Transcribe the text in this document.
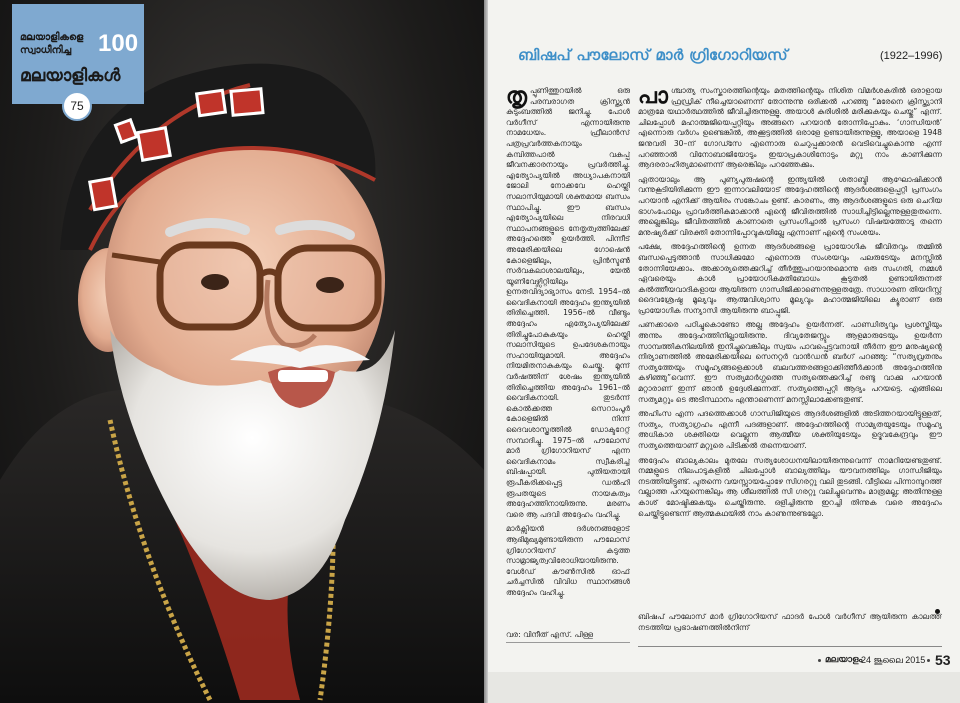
മലയാളികളെ
സ്വാധീനിച്ച 100
മലയാളികൾ
75
ബിഷപ് പൗലോസ് മാർ ഗ്രിഗോറിയസ്	(1922–1996)
തൃ പ്പൂണിത്തുറയിൽ ഒരു പരമ്പരാഗത ക്രിസ്ത്യൻ കുടുംബത്തിൽ ജനിച്ചു. പോൾ വർഗീസ് എന്നായിരുന്നു നാമധേയം. ഫ്രീലാൻസ് പത്രപ്രവർത്തകനായും കമ്പിത്തപാൽ വകുപ്പ് ജീവനക്കാരനായും പ്രവർത്തിച്ചു. എത്യോപ്യയിൽ അധ്യാപകനായി ജോലി നോക്കവേ ഹെയ്ലി സലാസിയുമായി ശക്തമായ ബന്ധം സ്ഥാപിച്ചു. ഈ ബന്ധം എത്യോപ്യയിലെ നിരവധി സ്ഥാപനങ്ങളുടെ നേതൃത്വത്തിലേക്ക് അദ്ദേഹത്തെ ഉയർത്തി. പിന്നീട് അമേരിക്കയിലെ ഗോഷെൻ കോളെജിലും, പ്രിൻസ്ടൺ സർവകലാശാലയിലും, യേൽ യൂണിവേഴ്സിറ്റിയിലും ഉന്നതവിദ്യാഭ്യാസം നേടി. 1954–ൽ വൈദികനായി അദ്ദേഹം ഇന്ത്യയിൽ തിരിച്ചെത്തി. 1956–ൽ വീണ്ടും അദ്ദേഹം എത്യോപ്യയിലേക്ക് തിരിച്ചുപോകുകയും ഹെയ്ലി സലാസിയുടെ ഉപദേശകനായും സഹായിയുമായി. അദ്ദേഹം നിയമിതനാകുകയും ചെയ്തു. മൂന്ന് വർഷത്തിന് ശേഷം ഇന്ത്യയിൽ തിരിച്ചെത്തിയ അദ്ദേഹം 1961–ൽ വൈദികനായി. തുടർന്ന് കൊൽക്കത്ത സെറാംപൂർ കോളെജിൽ നിന്ന് ദൈവശാസ്ത്രത്തിൽ ഡോക്ടറേറ്റ് സമ്പാദിച്ചു. 1975–ൽ പൗലോസ് മാർ ഗ്രിഗോറിയസ് എന്ന വൈദികനാമം സ്വീകരിച്ച് ബിഷപ്പായി. പുതിയതായി രൂപീകരിക്കപ്പെട്ട ഡൽഹി രൂപതയുടെ നായകത്വം അദ്ദേഹത്തിനായിരുന്നു. മരണം വരെ ആ പദവി അദ്ദേഹം വഹിച്ചു.

മാർക്സിയൻ ദർശനങ്ങളോട് ആഭിമുഖ്യമുണ്ടായിരുന്ന പൗലോസ് ഗ്രിഗോറിയസ് കടുത്ത സാമ്രാജ്യത്വവിരോധിയായിരുന്നു. വേൾഡ് കൗൺസിൽ ഓഫ് ചർച്ചസിൽ വിവിധ സ്ഥാനങ്ങൾ അദ്ദേഹം വഹിച്ചു.

വര: വിനീത് എസ്. പിള്ള
പാ ശ്ചാത്യ സംസ്കാരത്തിന്റെയും മതത്തിന്റെയും നിശിത വിമർശകരിൽ ഒരാളായ ഫ്രഡ്രിക് നീച്ചെയാണെന്ന് തോന്നുന്നു ഒരിക്കൽ പറഞ്ഞു “മരേനെ ക്രിസ്ത്യാനി മാത്രമേ യഥാർത്ഥത്തിൽ ജീവിച്ചിരുന്നുള്ളൂ. അയാൾ കുരിശിൽ മരിക്കുകയും ചെയ്തു” എന്ന്. ചിലപ്പോൾ മഹാത്മജിയെപ്പറ്റിയും അങ്ങനെ പറയാൻ തോന്നിപ്പോകും. ‘ഗാന്ധിയൻ’ എന്നൊരു വർഗം ഉണ്ടെങ്കിൽ, അക്കൂട്ടത്തിൽ ഒരാളേ ഉണ്ടായിരുന്നുള്ളൂ, അയാളെ 1948 ജനുവരി 30–ന് ഗോഡ്സേ എന്നൊരു ചെറുപ്പക്കാരൻ വെടിവെച്ചുകൊന്നു എന്ന് പറഞ്ഞാൽ വിനോബാജിയോടും ഇയാപ്രകാശിനോടും മറ്റു നാം കാണിക്കുന്ന ആദരരാഹിത്യമാണെന്ന് ആരെങ്കിലും പറഞ്ഞേക്കും.

ഏതായാലും ആ പുണ്യപുരുഷന്റെ ഇന്ത്യയിൽ ശതാബ്ദി ആഘോഷിക്കാൻ വന്നുകൂടിയിരിക്കുന്ന ഈ ഇന്നാവലിയോട് അദ്ദേഹത്തിന്റെ ആദർശങ്ങളെപ്പറ്റി പ്രസംഗം പറയാൻ എനിക്ക് ആയിരം സങ്കോചം ഉണ്ട്. കാരണം, ആ ആദർശങ്ങളുടെ ഒരു ചെറിയ ഭാഗംപോലും പ്രാവർത്തികമാക്കാൻ എന്റെ ജീവിതത്തിൽ സാധിച്ചിട്ടില്ലെന്നുള്ളതുതന്നെ. അല്ലെങ്കിലും ജീവിതത്തിൽ കാണാതെ പ്രസംഗിച്ചാൽ പ്രസംഗ വിഷയത്തോടു തന്നെ മനുഷ്യർക്ക് വിരക്തി തോന്നിപ്പോവുകയില്ലേ എന്നാണ് എന്റെ സംശയം.

പക്ഷേ, അദ്ദേഹത്തിന്റെ ഉന്നത ആദർശങ്ങളെ പ്രായോഗിക ജീവിതവും തമ്മിൽ ബന്ധപ്പെടുത്താൻ സാധിക്കുമോ എന്നൊരു സംശയവും പലരുടേയും മനസ്സിൽ തോന്നിയേക്കാം. അക്കാര്യത്തെക്കുറിച്ച് തീർത്തുപറയാനുമൊന്നു ഒരു സംഗതി, നമ്മൾ ഏവരെയും കാൾ പ്രായോഗികമതിബോധം കൂടുതൽ ഉണ്ടായിരുന്നത് കൽത്തീയവാദികളായ ആയിരുന്ന ഗാന്ധിജിക്കാണെന്നുള്ളതത്രേ. സാധാരണ തിയറിസ്റ്റ് ദൈവശ്രേഷ്ഠ മൂല്യവും ആത്മവിശ്വാസ മൂല്യവും മഹാത്മജിയിലെ ക്യൂരാണ് ഒരു പ്രായോഗിക സന്യാസി ആയിരുന്നു ബാപ്പുജി.

പണക്കാരെ പഠിച്ചുകൊണ്ടോ അല്ല അദ്ദേഹം ഉയർന്നത്. പാണ്ഡിത്യവും പ്രശസ്തിയും അന്നും അദ്ദേഹത്തിനില്ലായിരുന്നു. ദിവ്യതേജസ്സും ആളമാരുടേയും ഉയർന്ന സാമ്പത്തികനിലയിൽ ഇനിച്ചുവെങ്കിലും സ്വയം പാവപ്പെട്ടവനായി തീർന്ന ഈ മനുഷ്യന്റെ നിര്യാണത്തിൽ അമേരിക്കയിലെ സെനറ്റർ വാൻഡൻ ബർഗ് പറഞ്ഞു: “സത്യവ്രതനും സത്യത്തേയും സമൂഹ്യങ്ങളെക്കാൾ ബലവത്തരങ്ങളാക്കിത്തീർക്കാൻ അദ്ദേഹത്തിനു കഴിഞ്ഞു”വെന്ന്. ഈ സത്യമാർഗ്ഗത്തെ സത്യത്തെക്കുറിച്ച് രണ്ടു വാക്കു പറയാൻ മറ്റാരാണ് ഇന്ന് ഞാൻ ഉദ്ദേശിക്കുന്നത്. സത്യത്തെപ്പറ്റി ആദ്യം പറയട്ടെ. എങ്ങിലെ സത്യമറ്റും ടെ അടിസ്ഥാനം എന്താണെന്ന് മനസ്സിലാക്കേണ്ടതുണ്ട്.

അഹിംസ എന്ന പദത്തെക്കാൾ ഗാന്ധിജിയുടെ ആദർശങ്ങളിൽ അടിത്തറയായിട്ടുള്ളത്, സത്യം, സത്യാഗ്രഹം എന്നീ പദങ്ങളാണ്. അദ്ദേഹത്തിന്റെ സാമ്യതയുടേയും സമൂഹ്യ അധികാര ശക്തിയെ വെല്ലുന്ന ആത്മീയ ശക്തിയുടേയും ഉദ്ഭവകേന്ദ്രവും ഈ സത്യത്തെയാണ് മറ്റുരെ പിടിക്കൽ തന്നെയാണ്.

അദ്ദേഹം ബാല്യകാലം മുതലേ സത്യശോധനയിലായിരുന്നുവെന്ന് നാമറിയേണ്ടതുണ്ട്. നമ്മളുടെ നിലപാടുകളിൽ ചിലപ്പോൾ ബാല്യത്തിലും യൗവനത്തിലും ഗാന്ധിജിയും നടത്തിയിട്ടുണ്ട്. പുതന്നെ വയസ്സായപ്പോഴേ സിഗരറ്റു വലി തുടങ്ങി. വീട്ടിലെ പിന്നാമ്പുറത്ത് വല്ലാത്ത പറയുന്നെങ്കിലും ആ ശീലത്തിൽ സി ഗരറ്റു വലിച്ചുവെന്നും മാത്രമല്ല; അതിന്നുള്ള കാശ് മോഷ്ടിക്കുകയും ചെയ്തിരുന്നു. ഒളിച്ചിരുന്നു ഇറച്ചി തിന്നുക വരെ അദ്ദേഹം ചെയ്തിട്ടുണ്ടെന്ന് ആത്മകഥയിൽ നാം കാണുന്നുണ്ടല്ലോ.

ബിഷപ് പൗലോസ് മാർ ഗ്രിഗോറിയസ് ഫാദർ പോൾ വർഗീസ് ആയിരുന്ന കാലത്ത് നടത്തിയ പ്രഭാഷണത്തിൽനിന്ന്

മലയാളം
24 ജൂലൈ 2015 53
